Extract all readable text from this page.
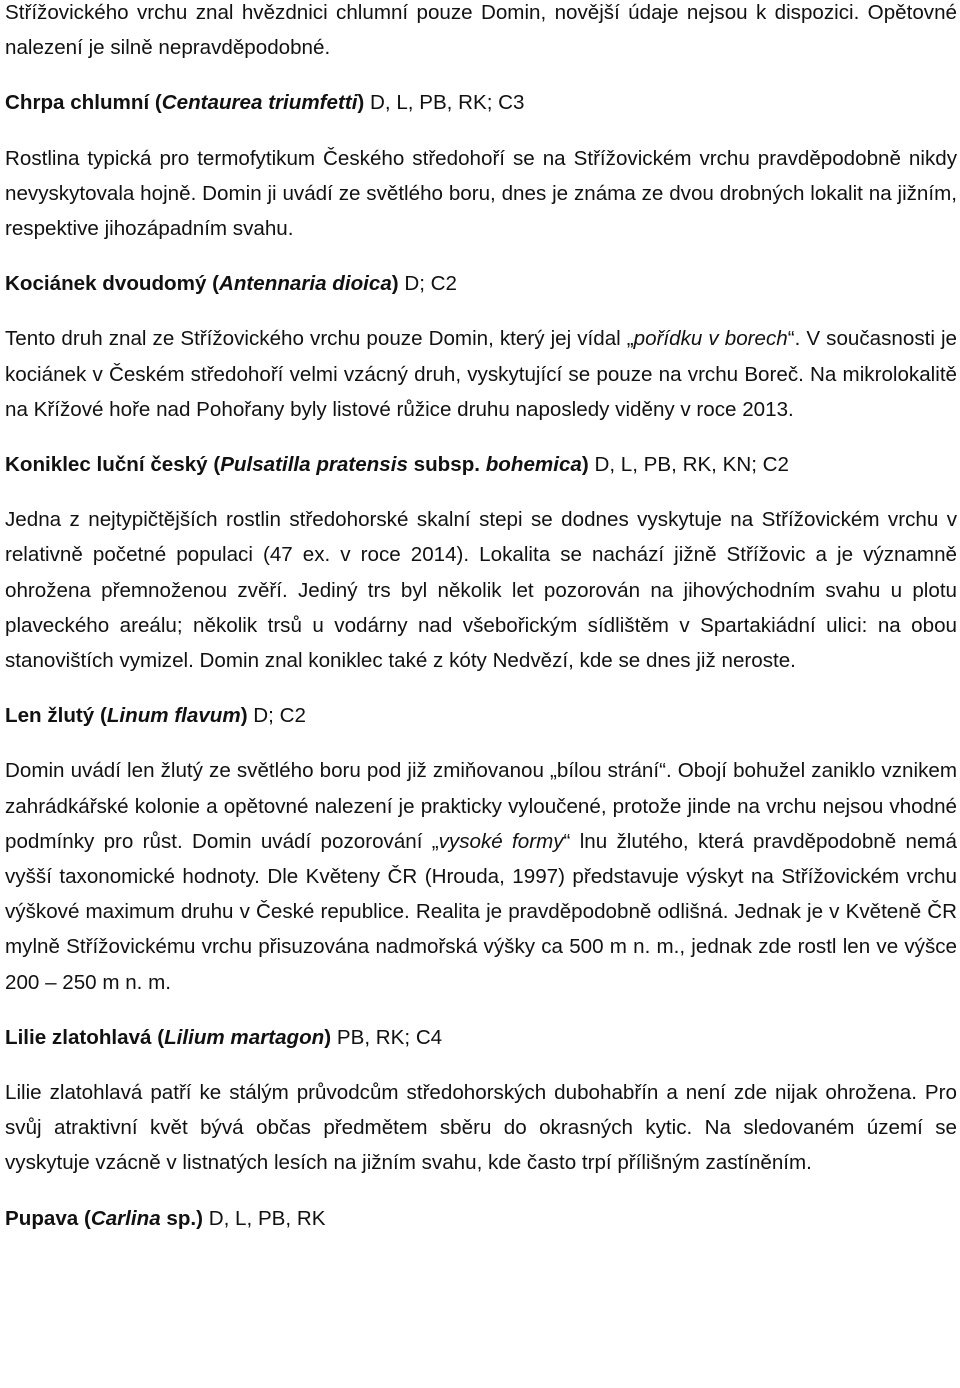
Střížovického vrchu znal hvězdnici chlumní pouze Domin, novější údaje nejsou k dispozici. Opětovné nalezení je silně nepravděpodobné.

Chrpa chlumní (Centaurea triumfetti) D, L, PB, RK; C3

Rostlina typická pro termofytikum Českého středohoří se na Střížovickém vrchu pravděpodobně nikdy nevyskytovala hojně. Domin ji uvádí ze světlého boru, dnes je známa ze dvou drobných lokalit na jižním, respektive jihozápadním svahu.

Kociánek dvoudomý (Antennaria dioica) D; C2

Tento druh znal ze Střížovického vrchu pouze Domin, který jej vídal „pořídku v borech“. V současnosti je kociánek v Českém středohoří velmi vzácný druh, vyskytující se pouze na vrchu Boreč. Na mikrolokalitě na Křížové hoře nad Pohořany byly listové růžice druhu naposledy viděny v roce 2013.

Koniklec luční český (Pulsatilla pratensis subsp. bohemica) D, L, PB, RK, KN; C2

Jedna z nejtypičtějších rostlin středohorské skalní stepi se dodnes vyskytuje na Střížovickém vrchu v relativně početné populaci (47 ex. v roce 2014). Lokalita se nachází jižně Střížovic a je významně ohrožena přemnoženou zvěří. Jediný trs byl několik let pozorován na jihovýchodním svahu u plotu plaveckého areálu; několik trsů u vodárny nad všebořickým sídlištěm v Spartakiádní ulici: na obou stanovištích vymizel. Domin znal koniklec také z kóty Nedvězí, kde se dnes již neroste.

Len žlutý (Linum flavum) D; C2

Domin uvádí len žlutý ze světlého boru pod již zmiňovanou „bílou strání“. Obojí bohužel zaniklo vznikem zahrádkářské kolonie a opětovné nalezení je prakticky vyloučené, protože jinde na vrchu nejsou vhodné podmínky pro růst. Domin uvádí pozorování „vysoké formy“ lnu žlutého, která pravděpodobně nemá vyšší taxonomické hodnoty. Dle Květeny ČR (Hrouda, 1997) představuje výskyt na Střížovickém vrchu výškové maximum druhu v České republice. Realita je pravděpodobně odlišná. Jednak je v Květeně ČR mylně Střížovickému vrchu přisuzována nadmořská výšky ca 500 m n. m., jednak zde rostl len ve výšce 200 – 250 m n. m.

Lilie zlatohlavá (Lilium martagon) PB, RK; C4

Lilie zlatohlavá patří ke stálým průvodcům středohorských dubohabřín a není zde nijak ohrožena. Pro svůj atraktivní květ bývá občas předmětem sběru do okrasných kytic. Na sledovaném území se vyskytuje vzácně v listnatých lesích na jižním svahu, kde často trpí přílišným zastíněním.

Pupava (Carlina sp.) D, L, PB, RK
